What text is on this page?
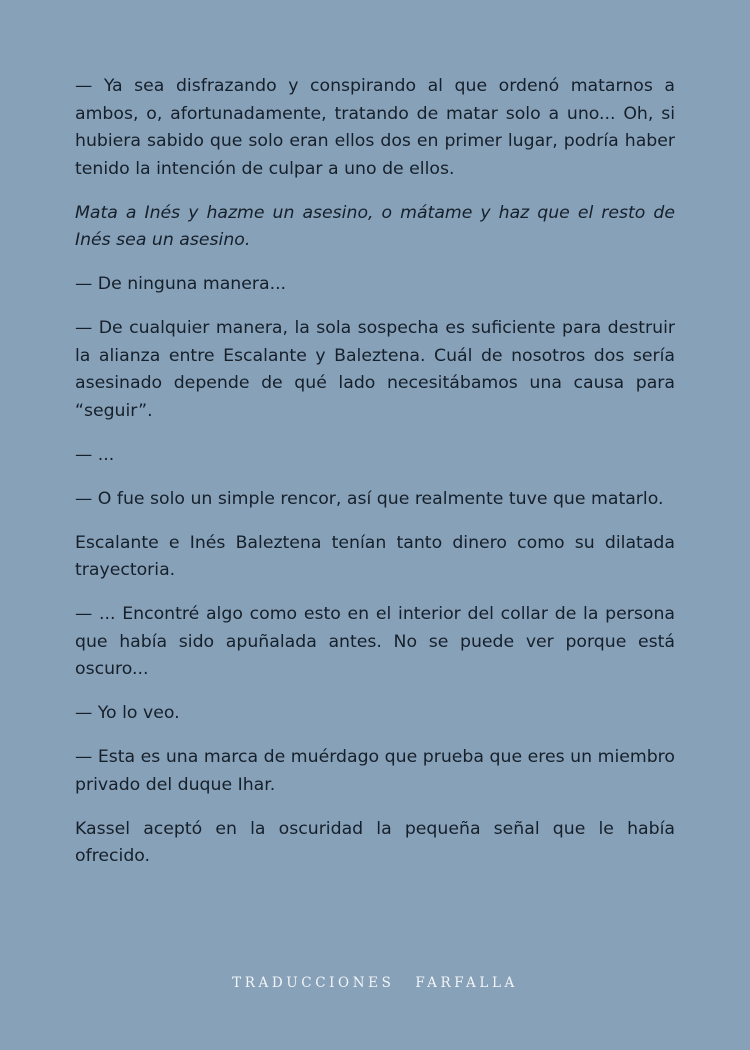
— Ya sea disfrazando y conspirando al que ordenó matarnos a ambos, o, afortunadamente, tratando de matar solo a uno... Oh, si hubiera sabido que solo eran ellos dos en primer lugar, podría haber tenido la intención de culpar a uno de ellos.

Mata a Inés y hazme un asesino, o mátame y haz que el resto de Inés sea un asesino.

— De ninguna manera...

— De cualquier manera, la sola sospecha es suficiente para destruir la alianza entre Escalante y Baleztena. Cuál de nosotros dos sería asesinado depende de qué lado necesitábamos una causa para “seguir”.

— ...

— O fue solo un simple rencor, así que realmente tuve que matarlo.

Escalante e Inés Baleztena tenían tanto dinero como su dilatada trayectoria.

— ... Encontré algo como esto en el interior del collar de la persona que había sido apuñalada antes. No se puede ver porque está oscuro...

— Yo lo veo.

— Esta es una marca de muérdago que prueba que eres un miembro privado del duque Ihar.

Kassel aceptó en la oscuridad la pequeña señal que le había ofrecido.

TRADUCCIONES FARFALLA
